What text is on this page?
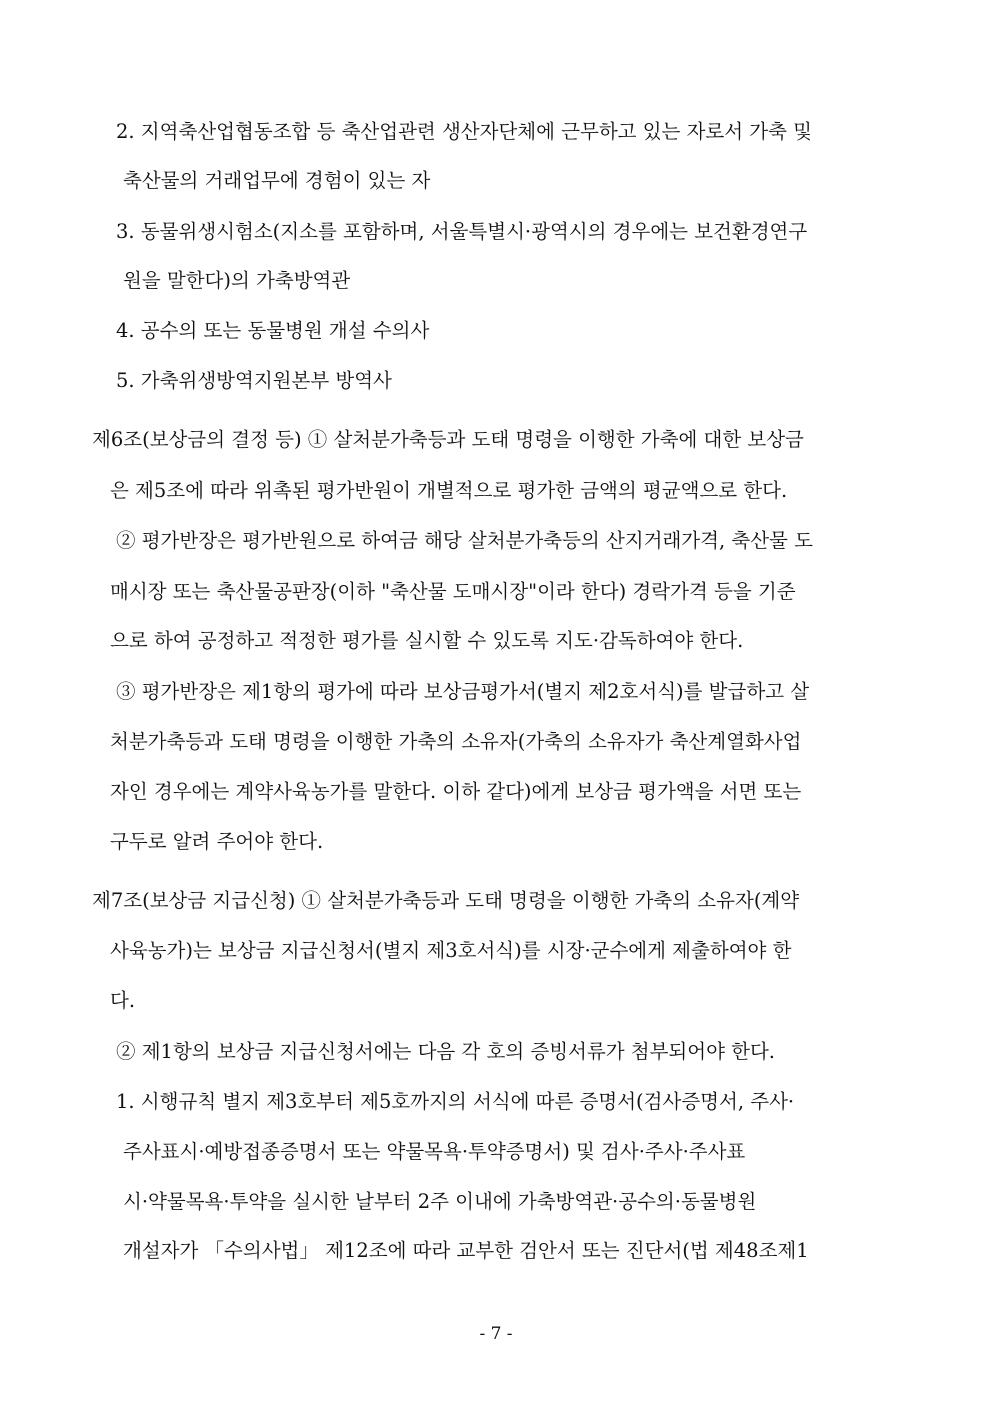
2. 지역축산업협동조합 등 축산업관련 생산자단체에 근무하고 있는 자로서 가축 및
축산물의 거래업무에 경험이 있는 자
3. 동물위생시험소(지소를 포함하며, 서울특별시·광역시의 경우에는 보건환경연구
원을 말한다)의 가축방역관
4. 공수의 또는 동물병원 개설 수의사
5. 가축위생방역지원본부 방역사
제6조(보상금의 결정 등) ① 살처분가축등과 도태 명령을 이행한 가축에 대한 보상금
은 제5조에 따라 위촉된 평가반원이 개별적으로 평가한 금액의 평균액으로 한다.
② 평가반장은 평가반원으로 하여금 해당 살처분가축등의 산지거래가격, 축산물 도
매시장 또는 축산물공판장(이하 "축산물 도매시장"이라 한다) 경락가격 등을 기준
으로 하여 공정하고 적정한 평가를 실시할 수 있도록 지도·감독하여야 한다.
③ 평가반장은 제1항의 평가에 따라 보상금평가서(별지 제2호서식)를 발급하고 살
처분가축등과 도태 명령을 이행한 가축의 소유자(가축의 소유자가 축산계열화사업
자인 경우에는 계약사육농가를 말한다. 이하 같다)에게 보상금 평가액을 서면 또는
구두로 알려 주어야 한다.
제7조(보상금 지급신청) ① 살처분가축등과 도태 명령을 이행한 가축의 소유자(계약
사육농가)는 보상금 지급신청서(별지 제3호서식)를 시장·군수에게 제출하여야 한
다.
② 제1항의 보상금 지급신청서에는 다음 각 호의 증빙서류가 첨부되어야 한다.
1. 시행규칙 별지 제3호부터 제5호까지의 서식에 따른 증명서(검사증명서, 주사·
주사표시·예방접종증명서 또는 약물목욕·투약증명서) 및 검사·주사·주사표
시·약물목욕·투약을 실시한 날부터 2주 이내에 가축방역관·공수의·동물병원
개설자가 「수의사법」 제12조에 따라 교부한 검안서 또는 진단서(법 제48조제1
- 7 -
